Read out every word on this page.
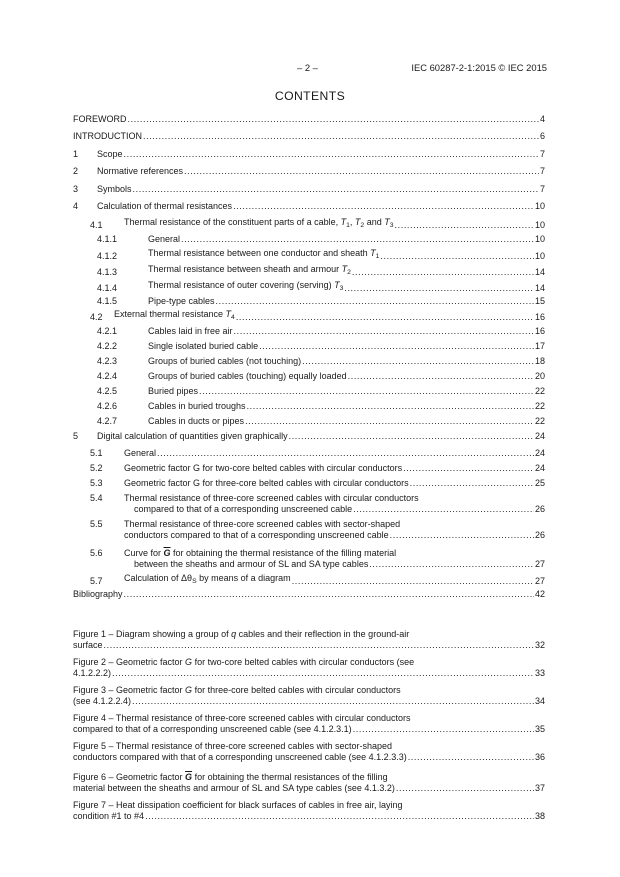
– 2 –	IEC 60287-2-1:2015 © IEC 2015
CONTENTS
FOREWORD .....	4
INTRODUCTION .....	6
1 Scope .....	7
2 Normative references .....	7
3 Symbols .....	7
4 Calculation of thermal resistances .....	10
4.1 Thermal resistance of the constituent parts of a cable, $T_1$, $T_2$ and $T_3$ .....	10
4.1.1	General .....	10
4.1.2	Thermal resistance between one conductor and sheath $T_1$ .....	10
4.1.3	Thermal resistance between sheath and armour $T_2$ .....	14
4.1.4	Thermal resistance of outer covering (serving) $T_3$ .....	14
4.1.5	Pipe-type cables .....	15
4.2 External thermal resistance $T_4$ .....	16
4.2.1	Cables laid in free air .....	16
4.2.2	Single isolated buried cable .....	17
4.2.3	Groups of buried cables (not touching) .....	18
4.2.4	Groups of buried cables (touching) equally loaded .....	20
4.2.5	Buried pipes .....	22
4.2.6	Cables in buried troughs .....	22
4.2.7	Cables in ducts or pipes .....	22
5 Digital calculation of quantities given graphically .....	24
5.1 General .....	24
5.2 Geometric factor G for two-core belted cables with circular conductors .....	24
5.3 Geometric factor G for three-core belted cables with circular conductors .....	25
5.4 Thermal resistance of three-core screened cables with circular conductors
compared to that of a corresponding unscreened cable .....	26
5.5 Thermal resistance of three-core screened cables with sector-shaped
conductors compared to that of a corresponding unscreened cable .....	26
5.6 Curve for $\overline{G}$ for obtaining the thermal resistance of the filling material
between the sheaths and armour of SL and SA type cables .....	27
5.7 Calculation of $\Delta\theta_S$ by means of a diagram .....	27
Bibliography .....	42
Figure 1 – Diagram showing a group of q cables and their reflection in the ground-air
surface .....	32
Figure 2 – Geometric factor G for two-core belted cables with circular conductors (see
4.1.2.2.2) .....	33
Figure 3 – Geometric factor G for three-core belted cables with circular conductors
(see 4.1.2.2.4) .....	34
Figure 4 – Thermal resistance of three-core screened cables with circular conductors
compared to that of a corresponding unscreened cable (see 4.1.2.3.1) .....	35
Figure 5 – Thermal resistance of three-core screened cables with sector-shaped
conductors compared with that of a corresponding unscreened cable (see 4.1.2.3.3) .....	36
Figure 6 – Geometric factor $\overline{G}$ for obtaining the thermal resistances of the filling
material between the sheaths and armour of SL and SA type cables (see 4.1.3.2) .....	37
Figure 7 – Heat dissipation coefficient for black surfaces of cables in free air, laying
condition #1 to #4 .....	38
